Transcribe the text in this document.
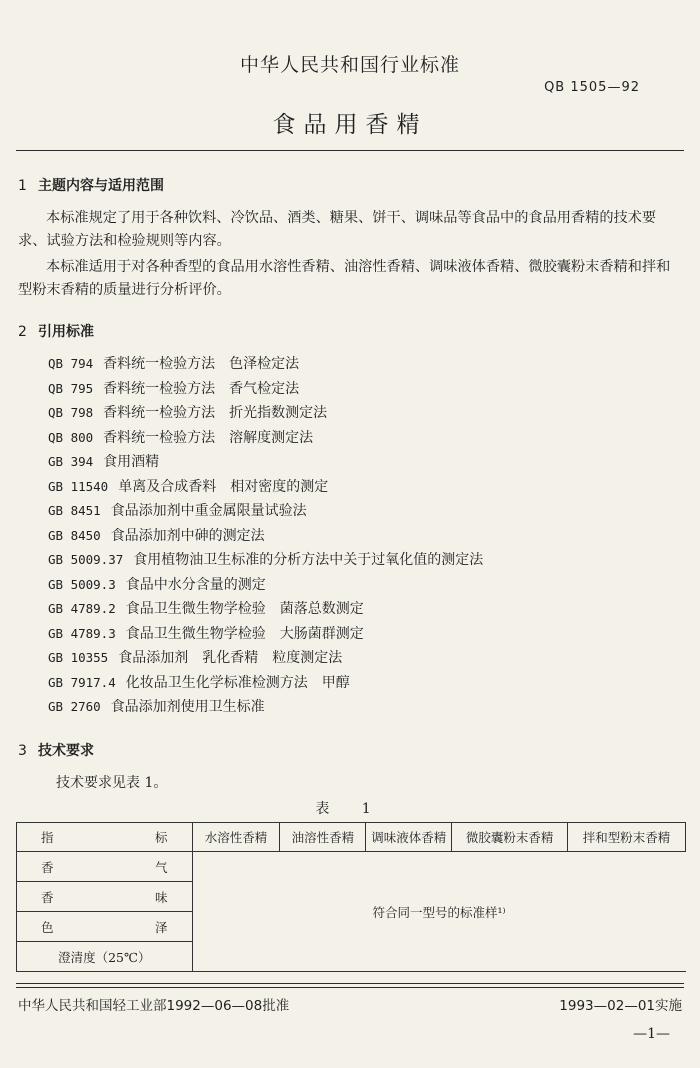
中华人民共和国行业标准
QB 1505—92
食品用香精
1 主题内容与适用范围
本标准规定了用于各种饮料、冷饮品、酒类、糖果、饼干、调味品等食品中的食品用香精的技术要求、试验方法和检验规则等内容。
本标准适用于对各种香型的食品用水溶性香精、油溶性香精、调味液体香精、微胶囊粉末香精和拌和型粉末香精的质量进行分析评价。
2 引用标准
QB 794 香料统一检验方法　色泽检定法
QB 795 香料统一检验方法　香气检定法
QB 798 香料统一检验方法　折光指数测定法
QB 800 香料统一检验方法　溶解度测定法
GB 394 食用酒精
GB 11540 单离及合成香料　相对密度的测定
GB 8451 食品添加剂中重金属限量试验法
GB 8450 食品添加剂中砷的测定法
GB 5009.37 食用植物油卫生标准的分析方法中关于过氧化值的测定法
GB 5009.3 食品中水分含量的测定
GB 4789.2 食品卫生微生物学检验　菌落总数测定
GB 4789.3 食品卫生微生物学检验　大肠菌群测定
GB 10355 食品添加剂　乳化香精　粒度测定法
GB 7917.4 化妆品卫生化学标准检测方法　甲醇
GB 2760 食品添加剂使用卫生标准
3 技术要求
技术要求见表 1。
表 1
指 标	水溶性香精	油溶性香精	调味液体香精	微胶囊粉末香精	拌和型粉末香精

香 气	符合同一型号的标准样¹⁾				

香 味					

色 泽					

澄清度（25℃）					
中华人民共和国轻工业部1992—06—08批准	1993—02—01实施
—1—
